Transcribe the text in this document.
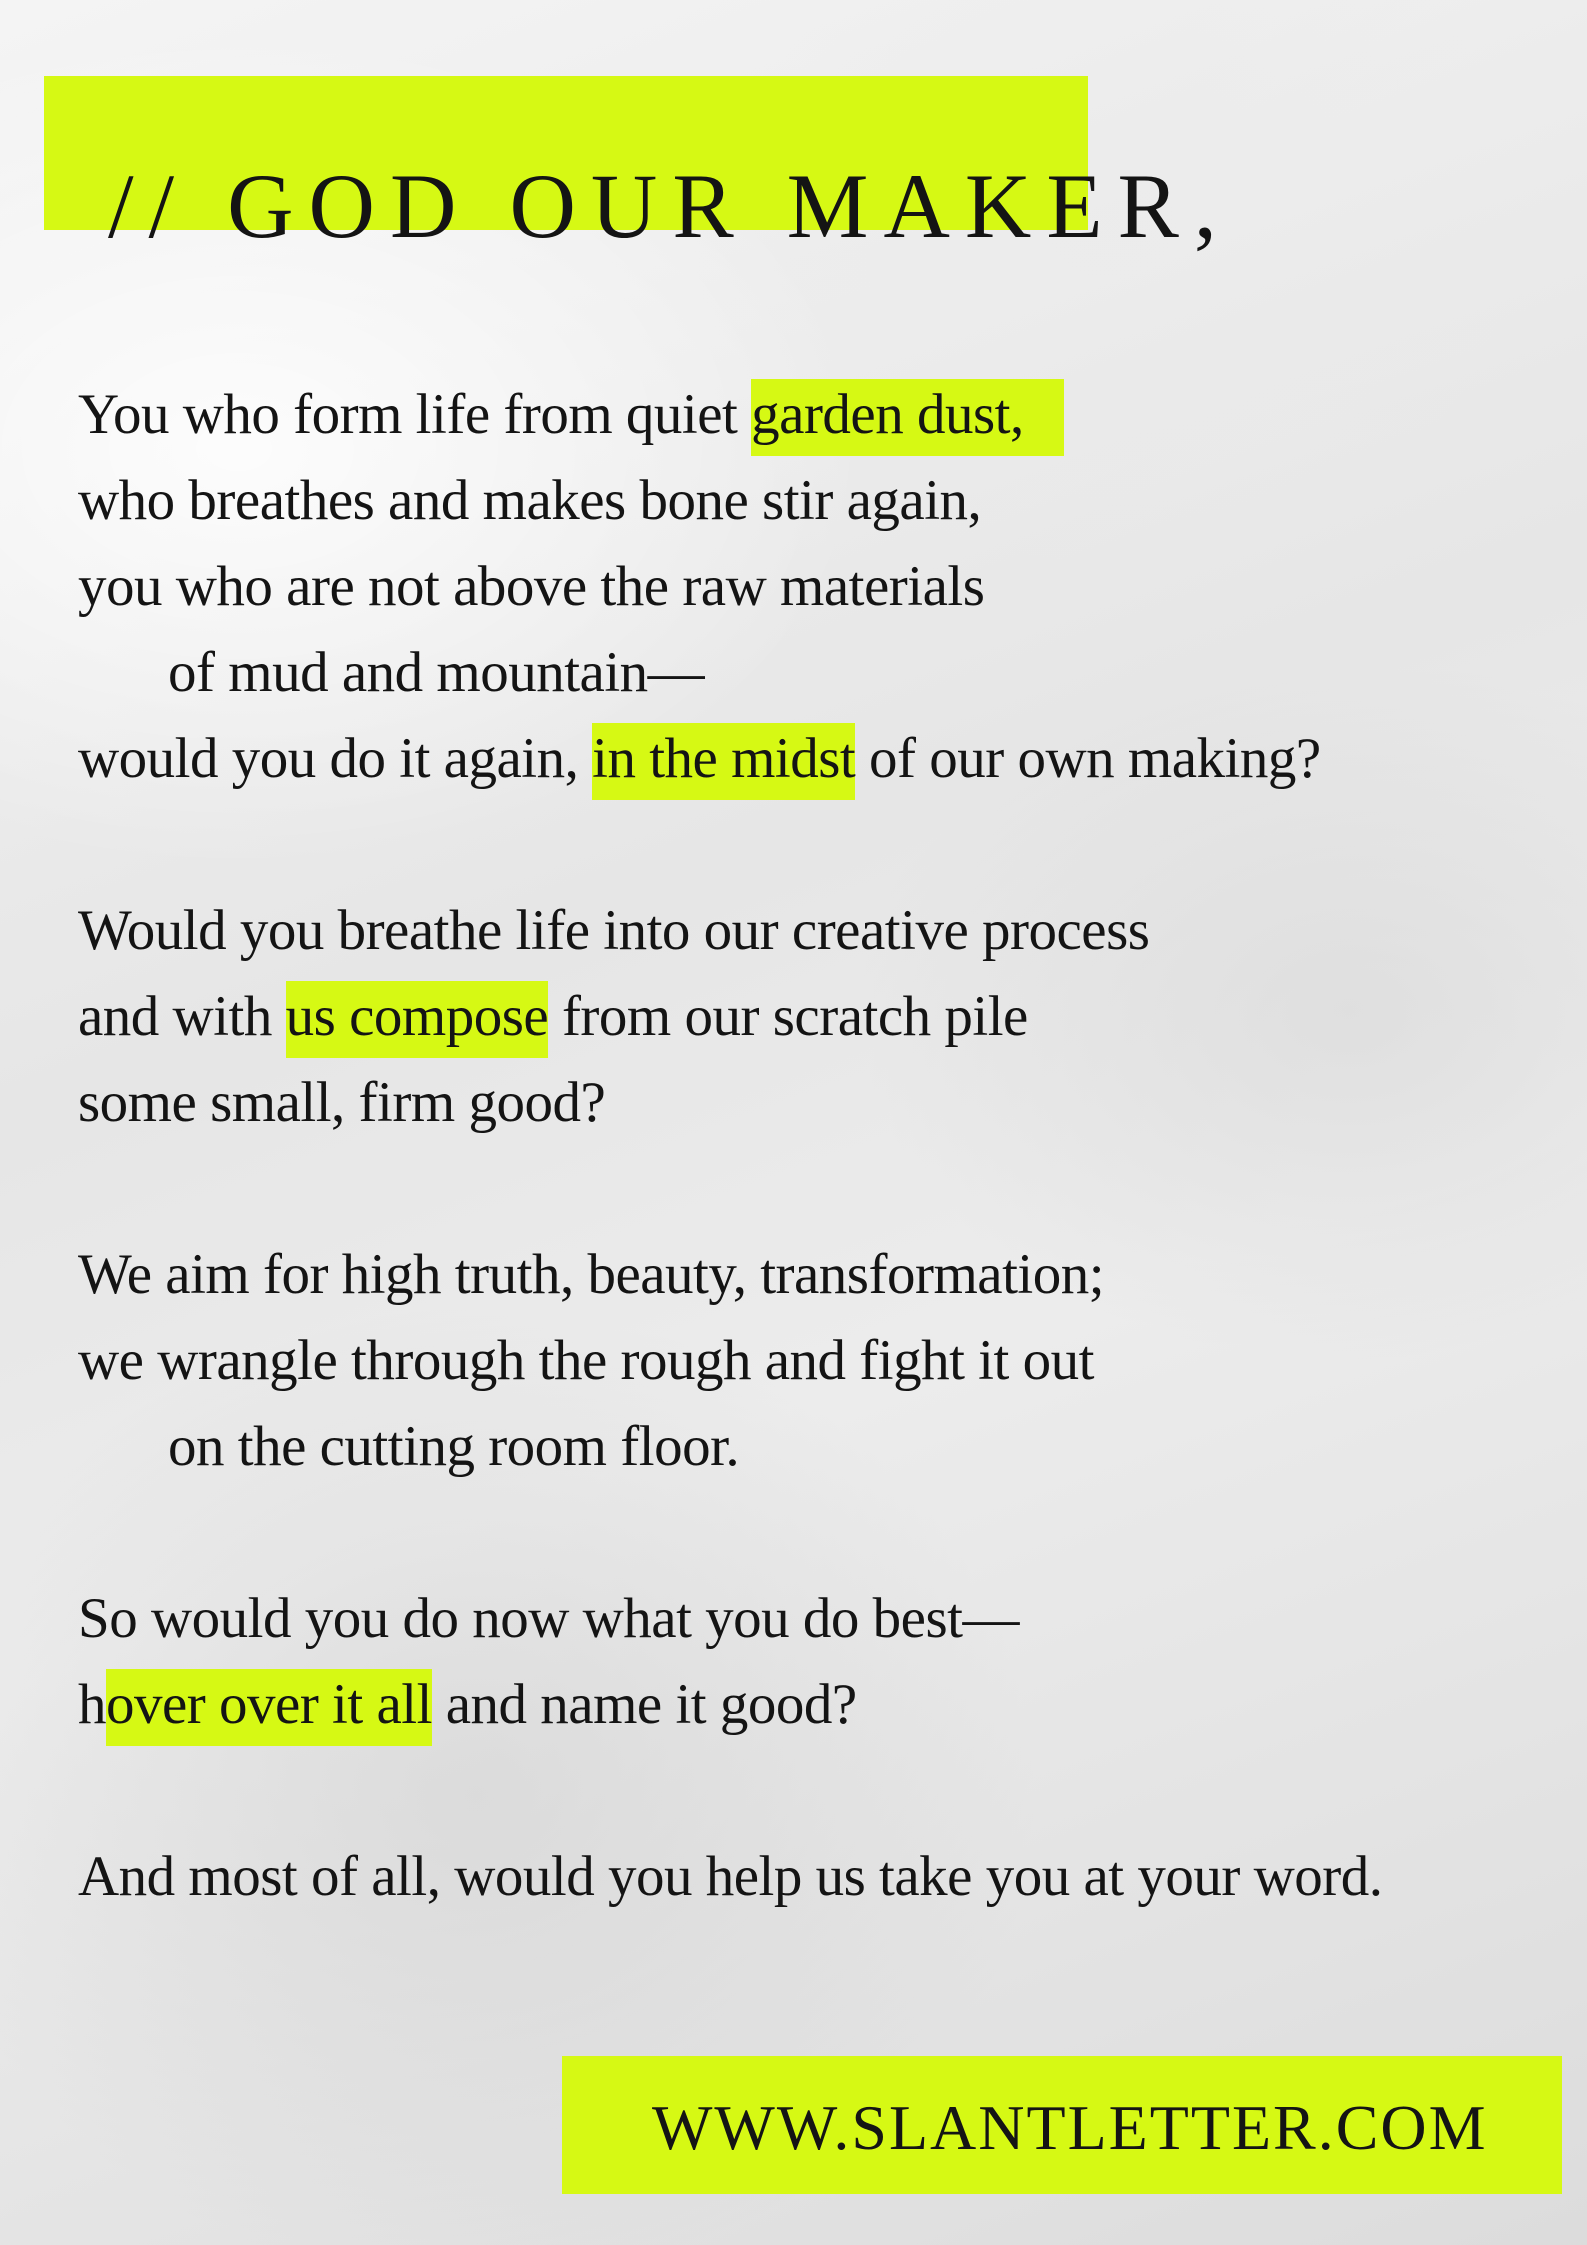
// GOD OUR MAKER,
You who form life from quiet garden dust,
who breathes and makes bone stir again,
you who are not above the raw materials
of mud and mountain—
would you do it again, in the midst of our own making?
Would you breathe life into our creative process
and with us compose from our scratch pile
some small, firm good?
We aim for high truth, beauty, transformation;
we wrangle through the rough and fight it out
on the cutting room floor.
So would you do now what you do best—
hover over it all and name it good?
And most of all, would you help us take you at your word.
WWW.SLANTLETTER.COM
